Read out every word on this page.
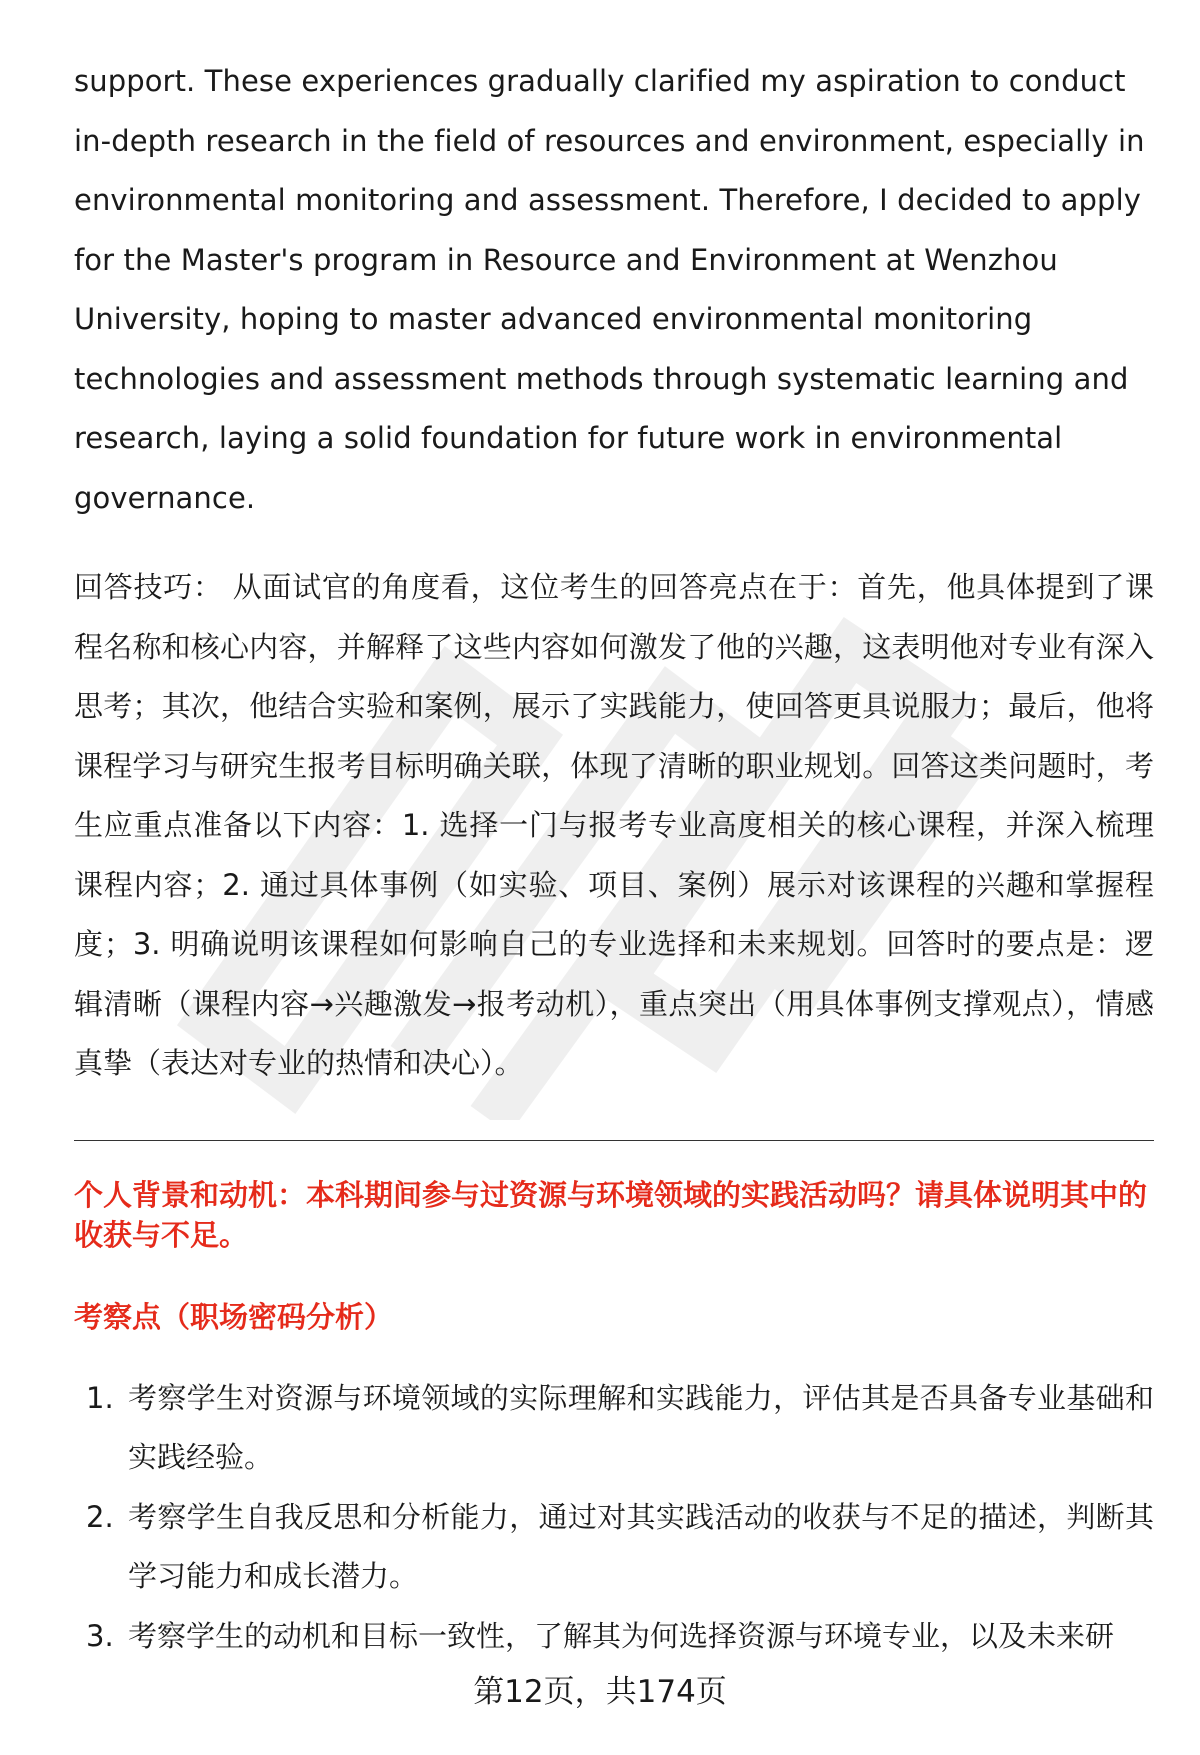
support. These experiences gradually clarified my aspiration to conduct in-depth research in the field of resources and environment, especially in environmental monitoring and assessment. Therefore, I decided to apply for the Master's program in Resource and Environment at Wenzhou University, hoping to master advanced environmental monitoring technologies and assessment methods through systematic learning and research, laying a solid foundation for future work in environmental governance.

回答技巧： 从面试官的角度看，这位考生的回答亮点在于：首先，他具体提到了课程名称和核心内容，并解释了这些内容如何激发了他的兴趣，这表明他对专业有深入思考；其次，他结合实验和案例，展示了实践能力，使回答更具说服力；最后，他将课程学习与研究生报考目标明确关联，体现了清晰的职业规划。回答这类问题时，考生应重点准备以下内容：1. 选择一门与报考专业高度相关的核心课程，并深入梳理课程内容；2. 通过具体事例（如实验、项目、案例）展示对该课程的兴趣和掌握程度；3. 明确说明该课程如何影响自己的专业选择和未来规划。回答时的要点是：逻辑清晰（课程内容→兴趣激发→报考动机），重点突出（用具体事例支撑观点），情感真挚（表达对专业的热情和决心）。

个人背景和动机：本科期间参与过资源与环境领域的实践活动吗？请具体说明其中的收获与不足。
考察点（职场密码分析）
1. 考察学生对资源与环境领域的实际理解和实践能力，评估其是否具备专业基础和实践经验。
2. 考察学生自我反思和分析能力，通过对其实践活动的收获与不足的描述，判断其学习能力和成长潜力。
3. 考察学生的动机和目标一致性，了解其为何选择资源与环境专业，以及未来研
第12页，共174页
